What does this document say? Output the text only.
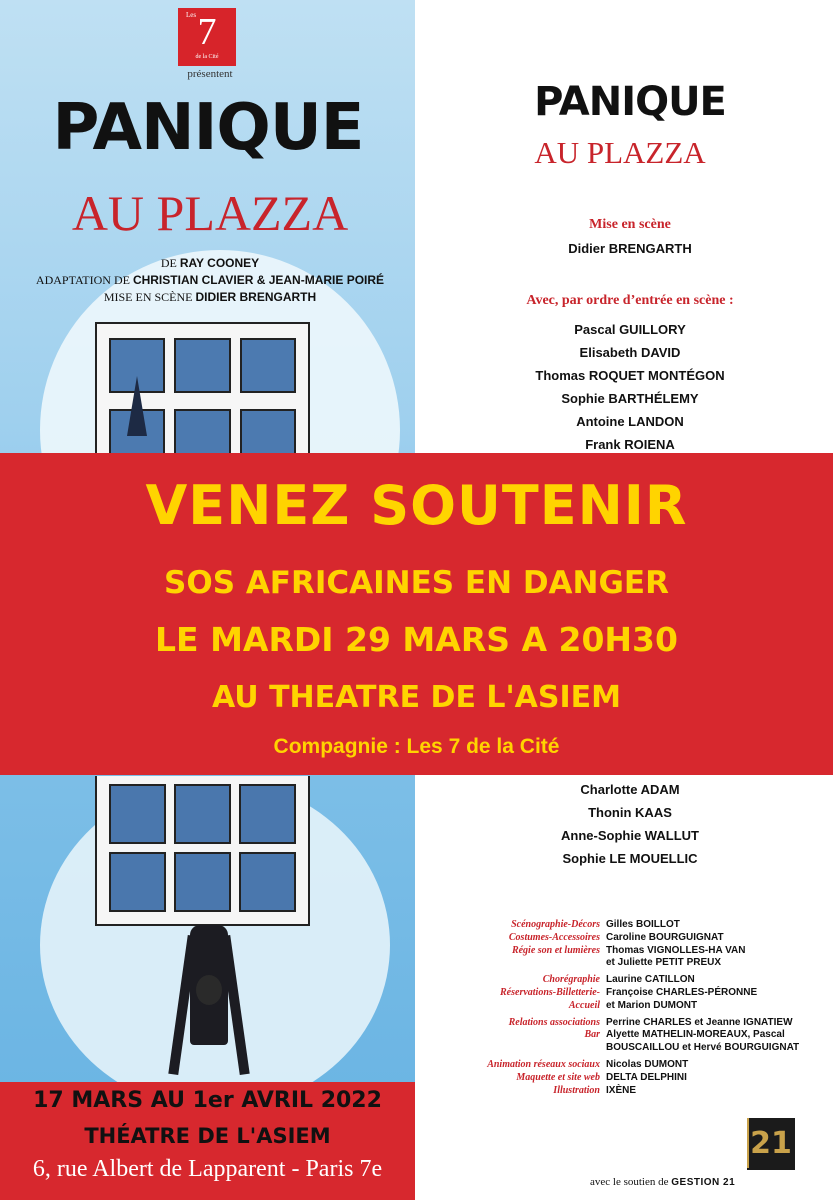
Les 7
de la Cité
présentent
PANIQUE
AU PLAZZA
DE RAY COONEY
ADAPTATION DE CHRISTIAN CLAVIER & JEAN-MARIE POIRÉ
MISE EN SCÈNE DIDIER BRENGARTH
17 MARS AU 1er AVRIL 2022
THÉATRE DE L'ASIEM
6, rue Albert de Lapparent - Paris 7e
PANIQUE
AU PLAZZA
Mise en scène
Didier BRENGARTH
Avec, par ordre d’entrée en scène :
Pascal GUILLORY
Elisabeth DAVID
Thomas ROQUET MONTÉGON
Sophie BARTHÉLEMY
Antoine LANDON
Frank ROIENA
Charlotte ADAM
Thonin KAAS
Anne-Sophie WALLUT
Sophie LE MOUELLIC
Scénographie-Décors Gilles BOILLOT
Costumes-Accessoires Caroline BOURGUIGNAT
Régie son et lumières Thomas VIGNOLLES-HA VAN
et Juliette PETIT PREUX
Chorégraphie Laurine CATILLON
Réservations-Billetterie-Accueil
Françoise CHARLES-PÉRONNE
et Marion DUMONT
Relations associations Perrine CHARLES et Jeanne IGNATIEW
Bar Alyette MATHELIN-MOREAUX, Pascal
BOUSCAILLOU et Hervé BOURGUIGNAT
Animation réseaux sociaux Nicolas DUMONT
Maquette et site web DELTA DELPHINI
Illustration IXÈNE
21
avec le soutien de GESTION 21
VENEZ SOUTENIR
SOS AFRICAINES EN DANGER
LE MARDI 29 MARS A 20H30
AU THEATRE DE L'ASIEM
Compagnie : Les 7 de la Cité
